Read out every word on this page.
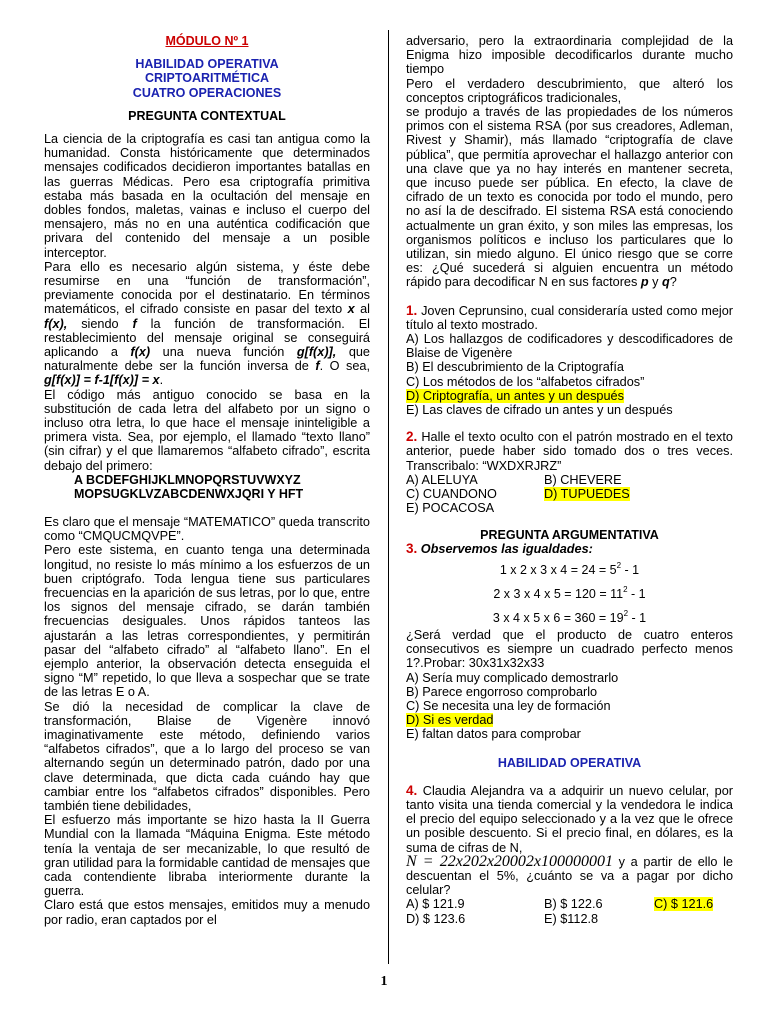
MÓDULO Nº 1
HABILIDAD OPERATIVA
CRIPTOARITMÉTICA
CUATRO OPERACIONES
PREGUNTA CONTEXTUAL

La ciencia de la criptografía es casi tan antigua como la humanidad. Consta históricamente que determinados mensajes codificados decidieron importantes batallas en las guerras Médicas. Pero esa criptografía primitiva estaba más basada en la ocultación del mensaje en dobles fondos, maletas, vainas e incluso el cuerpo del mensajero, más no en una auténtica codificación que privara del contenido del mensaje a un posible interceptor.

Para ello es necesario algún sistema, y éste debe resumirse en una “función de transformación”, previamente conocida por el destinatario. En términos matemáticos, el cifrado consiste en pasar del texto x al f(x), siendo f la función de transformación. El restablecimiento del mensaje original se conseguirá aplicando a f(x) una nueva función g[f(x)], que naturalmente debe ser la función inversa de f. O sea, g[f(x)] = f-1[f(x)] = x.

El código más antiguo conocido se basa en la substitución de cada letra del alfabeto por un signo o incluso otra letra, lo que hace el mensaje ininteligible a primera vista. Sea, por ejemplo, el llamado “texto llano” (sin cifrar) y el que llamaremos “alfabeto cifrado”, escrita debajo del primero:

A BCDEFGHIJKLMNOPQRSTUVWXYZ
MOPSUGKLVZABCDENWXJQRI Y HFT

Es claro que el mensaje “MATEMATICO” queda transcrito como “CMQUCMQVPE”.

Pero este sistema, en cuanto tenga una determinada longitud, no resiste lo más mínimo a los esfuerzos de un buen criptógrafo. Toda lengua tiene sus particulares frecuencias en la aparición de sus letras, por lo que, entre los signos del mensaje cifrado, se darán también frecuencias desiguales. Unos rápidos tanteos las ajustarán a las letras correspondientes, y permitirán pasar del “alfabeto cifrado” al “alfabeto llano”. En el ejemplo anterior, la observación detecta enseguida el signo “M” repetido, lo que lleva a sospechar que se trate de las letras E o A.

Se dió la necesidad de complicar la clave de transformación, Blaise de Vigenère innovó imaginativamente este método, definiendo varios “alfabetos cifrados”, que a lo largo del proceso se van alternando según un determinado patrón, dado por una clave determinada, que dicta cada cuándo hay que cambiar entre los “alfabetos cifrados” disponibles. Pero también tiene debilidades,

El esfuerzo más importante se hizo hasta la II Guerra Mundial con la llamada “Máquina Enigma. Este método tenía la ventaja de ser mecanizable, lo que resultó de gran utilidad para la formidable cantidad de mensajes que cada contendiente libraba interiormente durante la guerra.

Claro está que estos mensajes, emitidos muy a menudo por radio, eran captados por el

adversario, pero la extraordinaria complejidad de la Enigma hizo imposible decodificarlos durante mucho tiempo

Pero el verdadero descubrimiento, que alteró los conceptos criptográficos tradicionales,

se produjo a través de las propiedades de los números primos con el sistema RSA (por sus creadores, Adleman, Rivest y Shamir), más llamado “criptografía de clave pública”, que permitía aprovechar el hallazgo anterior con una clave que ya no hay interés en mantener secreta, que incuso puede ser pública. En efecto, la clave de cifrado de un texto es conocida por todo el mundo, pero no así la de descifrado. El sistema RSA está conociendo actualmente un gran éxito, y son miles las empresas, los organismos políticos e incluso los particulares que lo utilizan, sin miedo alguno. El único riesgo que se corre es: ¿Qué sucederá si alguien encuentra un método rápido para decodificar N en sus factores p y q?

1. Joven Ceprunsino, cual consideraría usted como mejor título al texto mostrado.

A) Los hallazgos de codificadores y descodificadores de Blaise de Vigenère

B) El descubrimiento de la Criptografía

C) Los métodos de los “alfabetos cifrados”

D) Criptografía, un antes y un después

E) Las claves de cifrado un antes y un después

2. Halle el texto oculto con el patrón mostrado en el texto anterior, puede haber sido tomado dos o tres veces. Transcribalo: “WXDXRJRZ”

A) ALELUYA	B) CHEVERE
C) CUANDONO	D) TUPUEDES
E) POCACOSA
PREGUNTA ARGUMENTATIVA

3. Observemos las igualdades:

1 x 2 x 3 x $4 = 24 = 5^2 - 1$
2 x 3 x 4 x $5 = 120 = 11^2 - 1$
3 x 4 x 5 x $6 = 360 = 19^2 - 1$

¿Será verdad que el producto de cuatro enteros consecutivos es siempre un cuadrado perfecto menos 1?.Probar: 30x31x32x33

A) Sería muy complicado demostrarlo

B) Parece engorroso comprobarlo

C) Se necesita una ley de formación

D) Si es verdad

E) faltan datos para comprobar

HABILIDAD OPERATIVA

4. Claudia Alejandra va a adquirir un nuevo celular, por tanto visita una tienda comercial y la vendedora le indica el precio del equipo seleccionado y a la vez que le ofrece un posible descuento. Si el precio final, en dólares, es la suma de cifras de N,

N = 22x202x20002x100000001 y a partir de ello le descuentan el 5%, ¿cuánto se va a pagar por dicho celular?

A) $ 121.9	B) $ 122.6	C) $ 121.6
D) $ 123.6	E) $112.8
1
